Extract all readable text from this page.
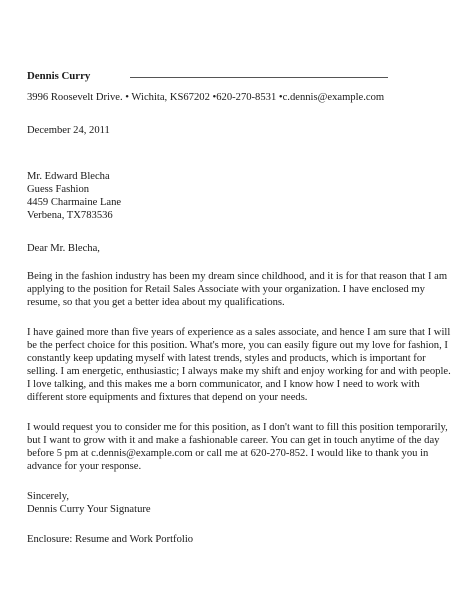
Dennis Curry
3996 Roosevelt Drive. • Wichita, KS67202 •620-270-8531 •c.dennis@example.com
December 24, 2011
Mr. Edward Blecha
Guess Fashion
4459 Charmaine Lane
Verbena, TX783536
Dear Mr. Blecha,
Being in the fashion industry has been my dream since childhood, and it is for that reason that I am
applying to the position for Retail Sales Associate with your organization. I have enclosed my
resume, so that you get a better idea about my qualifications.
I have gained more than five years of experience as a sales associate, and hence I am sure that I will
be the perfect choice for this position. What's more, you can easily figure out my love for fashion, I
constantly keep updating myself with latest trends, styles and products, which is important for
selling. I am energetic, enthusiastic; I always make my shift and enjoy working for and with people.
I love talking, and this makes me a born communicator, and I know how I need to work with
different store equipments and fixtures that depend on your needs.
I would request you to consider me for this position, as I don't want to fill this position temporarily,
but I want to grow with it and make a fashionable career. You can get in touch anytime of the day
before 5 pm at c.dennis@example.com or call me at 620-270-852. I would like to thank you in
advance for your response.
Sincerely,
Dennis Curry Your Signature
Enclosure: Resume and Work Portfolio
